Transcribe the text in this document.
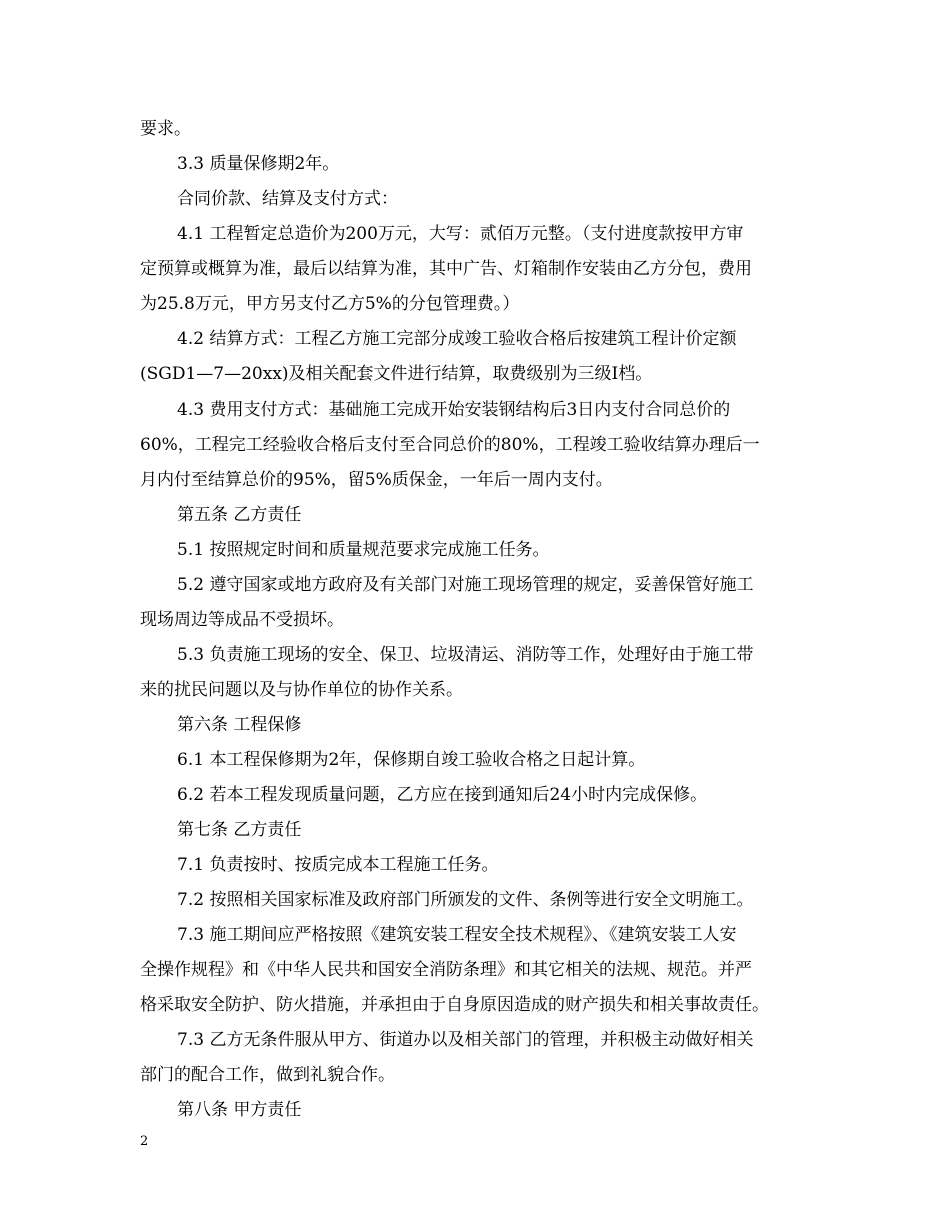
要求。
3.3 质量保修期2年。
合同价款、结算及支付方式：
4.1 工程暂定总造价为200万元，大写：贰佰万元整。（支付进度款按甲方审
定预算或概算为准，最后以结算为准，其中广告、灯箱制作安装由乙方分包，费用
为25.8万元，甲方另支付乙方5%的分包管理费。）
4.2 结算方式：工程乙方施工完部分成竣工验收合格后按建筑工程计价定额
(SGD1—7—20xx)及相关配套文件进行结算，取费级别为三级Ⅰ档。
4.3 费用支付方式：基础施工完成开始安装钢结构后3日内支付合同总价的
60%，工程完工经验收合格后支付至合同总价的80%，工程竣工验收结算办理后一
月内付至结算总价的95%，留5%质保金，一年后一周内支付。
第五条 乙方责任
5.1 按照规定时间和质量规范要求完成施工任务。
5.2 遵守国家或地方政府及有关部门对施工现场管理的规定，妥善保管好施工
现场周边等成品不受损坏。
5.3 负责施工现场的安全、保卫、垃圾清运、消防等工作，处理好由于施工带
来的扰民问题以及与协作单位的协作关系。
第六条 工程保修
6.1 本工程保修期为2年，保修期自竣工验收合格之日起计算。
6.2 若本工程发现质量问题，乙方应在接到通知后24小时内完成保修。
第七条 乙方责任
7.1 负责按时、按质完成本工程施工任务。
7.2 按照相关国家标准及政府部门所颁发的文件、条例等进行安全文明施工。
7.3 施工期间应严格按照《建筑安装工程安全技术规程》、《建筑安装工人安
全操作规程》和《中华人民共和国安全消防条理》和其它相关的法规、规范。并严
格采取安全防护、防火措施，并承担由于自身原因造成的财产损失和相关事故责任。
7.3 乙方无条件服从甲方、街道办以及相关部门的管理，并积极主动做好相关
部门的配合工作，做到礼貌合作。
第八条 甲方责任
2
